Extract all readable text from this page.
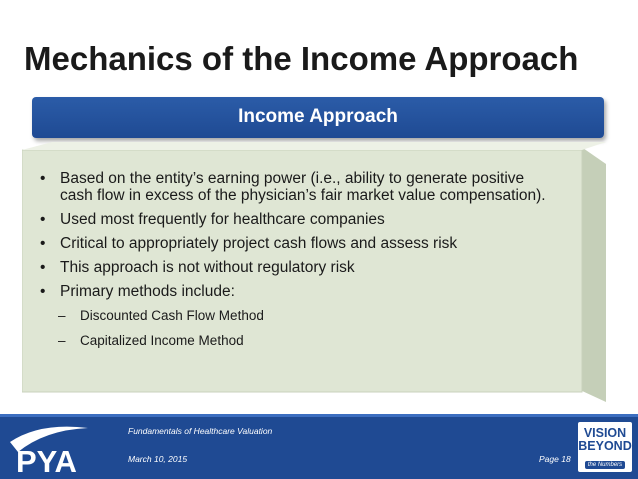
Mechanics of the Income Approach
Income Approach
• Based on the entity’s earning power (i.e., ability to generate positive cash flow in excess of the physician’s fair market value compensation).
• Used most frequently for healthcare companies
• Critical to appropriately project cash flows and assess risk
• This approach is not without regulatory risk
• Primary methods include:
– Discounted Cash Flow Method
– Capitalized Income Method
PYA
Fundamentals of Healthcare Valuation
March 10, 2015	Page 18
VISION
BEYOND
the Numbers
